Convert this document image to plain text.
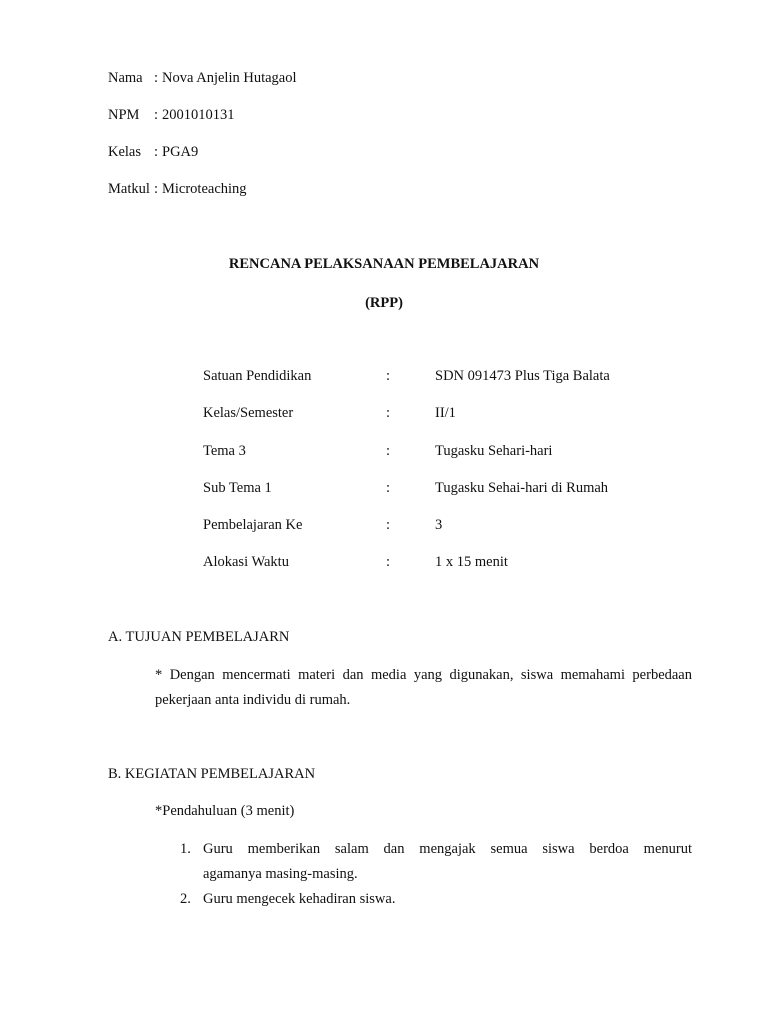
Nama : Nova Anjelin Hutagaol
NPM : 2001010131
Kelas : PGA9
Matkul : Microteaching
RENCANA PELAKSANAAN PEMBELAJARAN
(RPP)
Satuan Pendidikan	:	SDN 091473 Plus Tiga Balata
Kelas/Semester	:	II/1
Tema 3	:	Tugasku Sehari-hari
Sub Tema 1	:	Tugasku Sehai-hari di Rumah
Pembelajaran Ke	:	3
Alokasi Waktu	:	1 x 15 menit
A. TUJUAN PEMBELAJARN
* Dengan mencermati materi dan media yang digunakan, siswa memahami perbedaan
pekerjaan anta individu di rumah.
B. KEGIATAN PEMBELAJARAN
*Pendahuluan (3 menit)
1. Guru memberikan salam dan mengajak semua siswa berdoa menurut
agamanya masing-masing.
2. Guru mengecek kehadiran siswa.
